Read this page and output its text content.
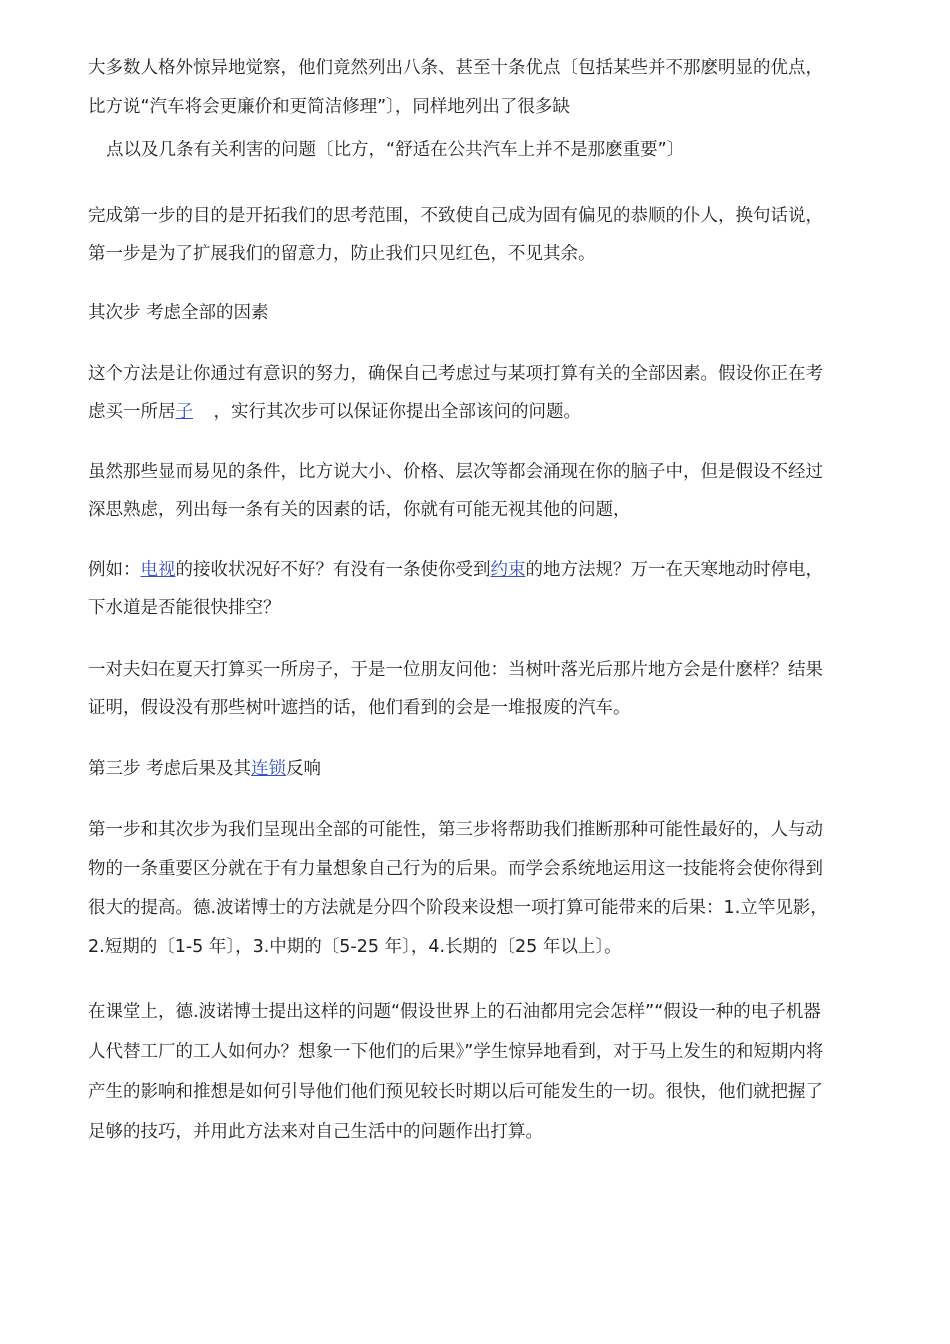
大多数人格外惊异地觉察，他们竟然列出八条、甚至十条优点〔包括某些并不那麽明显的优点，
比方说“汽车将会更廉价和更简洁修理”〕，同样地列出了很多缺
点以及几条有关利害的问题〔比方，“舒适在公共汽车上并不是那麽重要”〕
完成第一步的目的是开拓我们的思考范围，不致使自己成为固有偏见的恭顺的仆人，换句话说，
第一步是为了扩展我们的留意力，防止我们只见红色，不见其余。
其次步 考虑全部的因素
这个方法是让你通过有意识的努力，确保自己考虑过与某项打算有关的全部因素。假设你正在考
虑买一所居子 ，实行其次步可以保证你提出全部该问的问题。
虽然那些显而易见的条件，比方说大小、价格、层次等都会涌现在你的脑子中，但是假设不经过
深思熟虑，列出每一条有关的因素的话，你就有可能无视其他的问题，
例如：电视的接收状况好不好？有没有一条使你受到约束的地方法规？万一在天寒地动时停电，
下水道是否能很快排空？
一对夫妇在夏天打算买一所房子，于是一位朋友问他：当树叶落光后那片地方会是什麽样？结果
证明，假设没有那些树叶遮挡的话，他们看到的会是一堆报废的汽车。
第三步 考虑后果及其连锁反响
第一步和其次步为我们呈现出全部的可能性，第三步将帮助我们推断那种可能性最好的，人与动
物的一条重要区分就在于有力量想象自己行为的后果。而学会系统地运用这一技能将会使你得到
很大的提高。德.波诺博士的方法就是分四个阶段来设想一项打算可能带来的后果：1.立竿见影，
2.短期的〔1-5 年〕，3.中期的〔5-25 年〕，4.长期的〔25 年以上〕。
在课堂上，德.波诺博士提出这样的问题“假设世界上的石油都用完会怎样”“假设一种的电子机器
人代替工厂的工人如何办？想象一下他们的后果》”学生惊异地看到，对于马上发生的和短期内将
产生的影响和推想是如何引导他们他们预见较长时期以后可能发生的一切。很快，他们就把握了
足够的技巧，并用此方法来对自己生活中的问题作出打算。
